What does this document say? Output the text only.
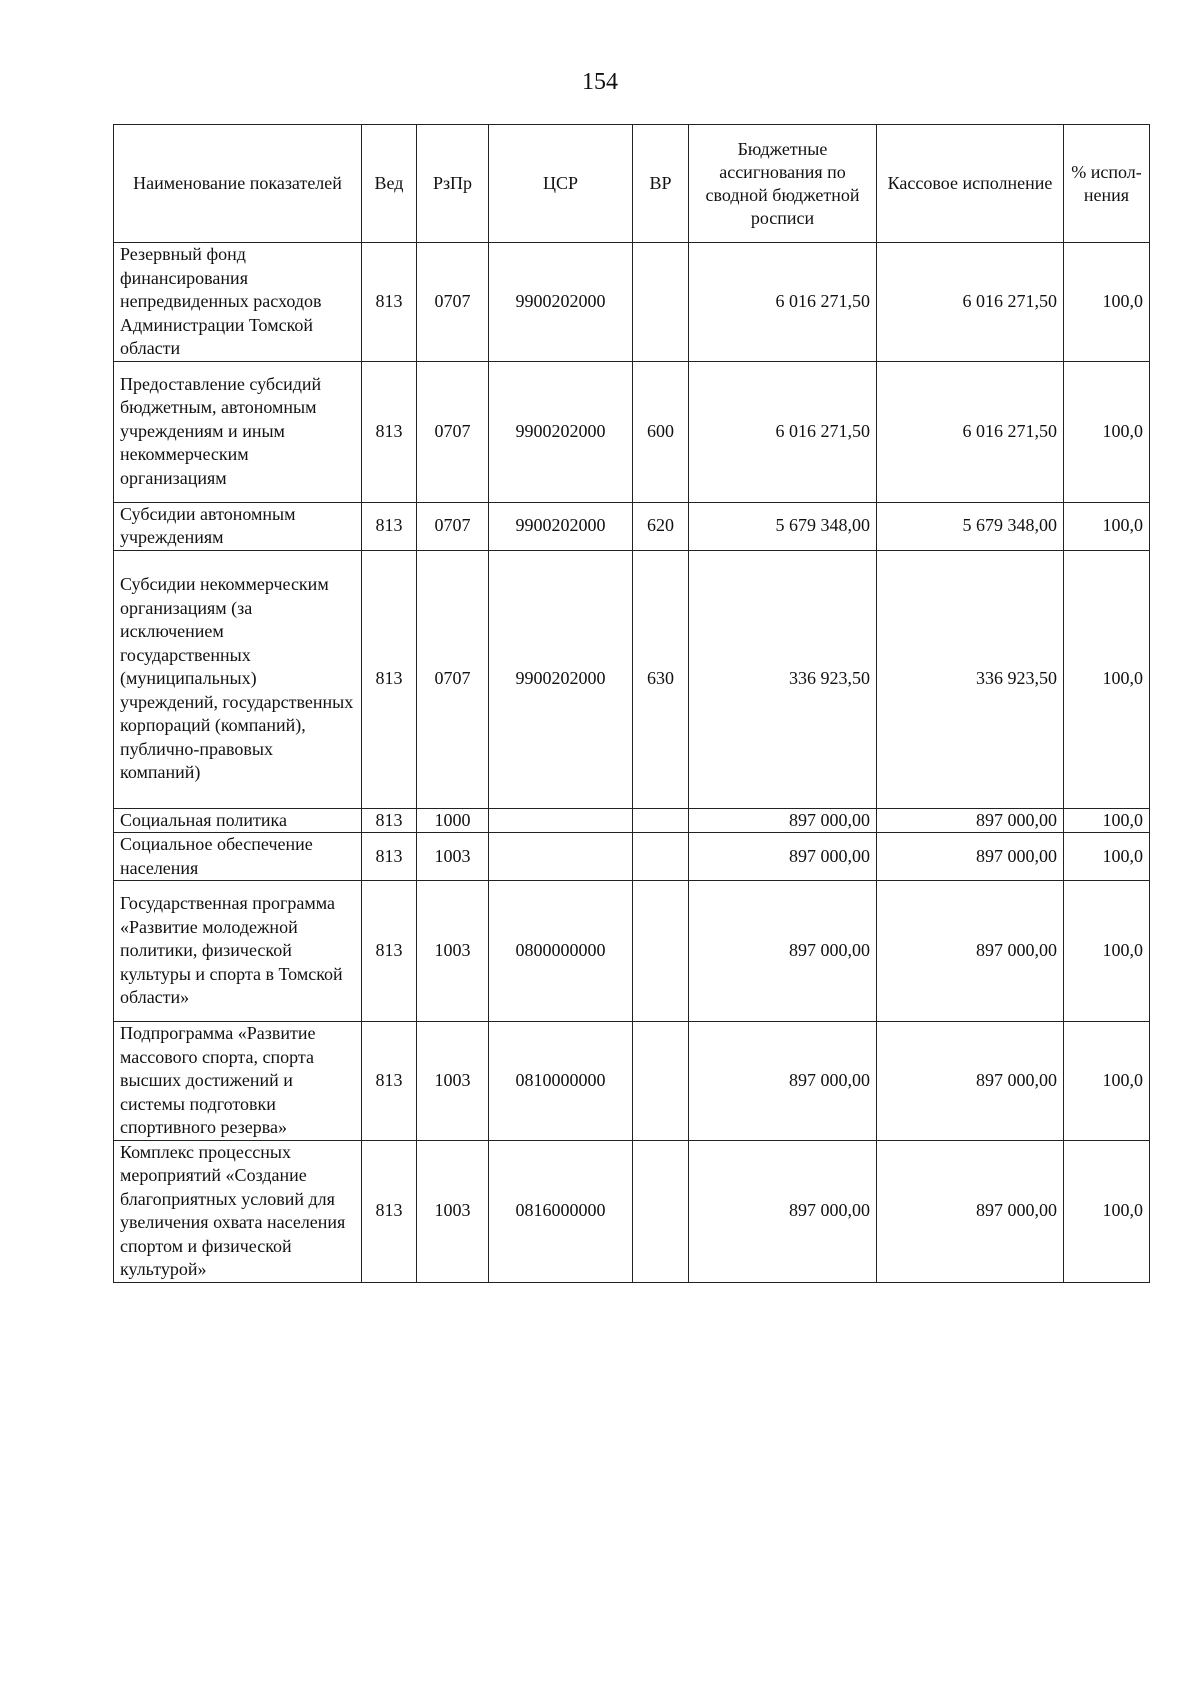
154
Наименование показателей	Вед	РзПр	ЦСР	ВР	Бюджетные ассигнования по сводной бюджетной росписи	Кассовое исполнение	% испол-нения
Резервный фонд финансирования непредвиденных расходов Администрации Томской области	813	0707	9900202000		6 016 271,50	6 016 271,50	100,0
Предоставление субсидий бюджетным, автономным учреждениям и иным некоммерческим организациям	813	0707	9900202000	600	6 016 271,50	6 016 271,50	100,0
Субсидии автономным учреждениям	813	0707	9900202000	620	5 679 348,00	5 679 348,00	100,0
Субсидии некоммерческим организациям (за исключением государственных (муниципальных) учреждений, государственных корпораций (компаний), публично-правовых компаний)	813	0707	9900202000	630	336 923,50	336 923,50	100,0
Социальная политика	813	1000			897 000,00	897 000,00	100,0
Социальное обеспечение населения	813	1003			897 000,00	897 000,00	100,0
Государственная программа «Развитие молодежной политики, физической культуры и спорта в Томской области»	813	1003	0800000000		897 000,00	897 000,00	100,0
Подпрограмма «Развитие массового спорта, спорта высших достижений и системы подготовки спортивного резерва»	813	1003	0810000000		897 000,00	897 000,00	100,0
Комплекс процессных мероприятий «Создание благоприятных условий для увеличения охвата населения спортом и физической культурой»	813	1003	0816000000		897 000,00	897 000,00	100,0
